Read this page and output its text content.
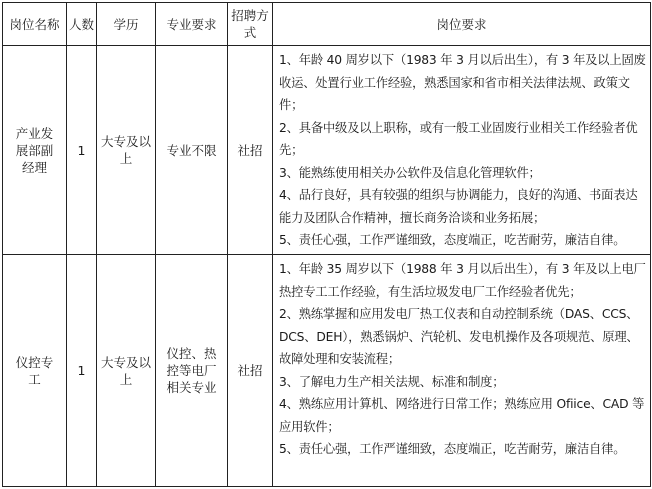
岗位名称	人数	学历	专业要求	招聘方式	岗位要求
产业发展部副经理	1	大专及以上	专业不限	社招	1、年龄 40 周岁以下（1983 年 3 月以后出生），有 3 年及以上固废收运、处置行业工作经验，熟悉国家和省市相关法律法规、政策文件；
2、具备中级及以上职称，或有一般工业固废行业相关工作经验者优先；
3、能熟练使用相关办公软件及信息化管理软件；
4、品行良好，具有较强的组织与协调能力，良好的沟通、书面表达能力及团队合作精神，擅长商务洽谈和业务拓展；
5、责任心强，工作严谨细致，态度端正，吃苦耐劳，廉洁自律。

仪控专工	1	大专及以上	仪控、热控等电厂相关专业	社招	1、年龄 35 周岁以下（1988 年 3 月以后出生），有 3 年及以上电厂热控专工工作经验，有生活垃圾发电厂工作经验者优先；
2、熟练掌握和应用发电厂热工仪表和自动控制系统（DAS、CCS、DCS、DEH），熟悉锅炉、汽轮机、发电机操作及各项规范、原理、故障处理和安装流程；
3、了解电力生产相关法规、标准和制度；
4、熟练应用计算机、网络进行日常工作；熟练应用 Ofiice、CAD 等应用软件；
5、责任心强，工作严谨细致，态度端正，吃苦耐劳，廉洁自律。
